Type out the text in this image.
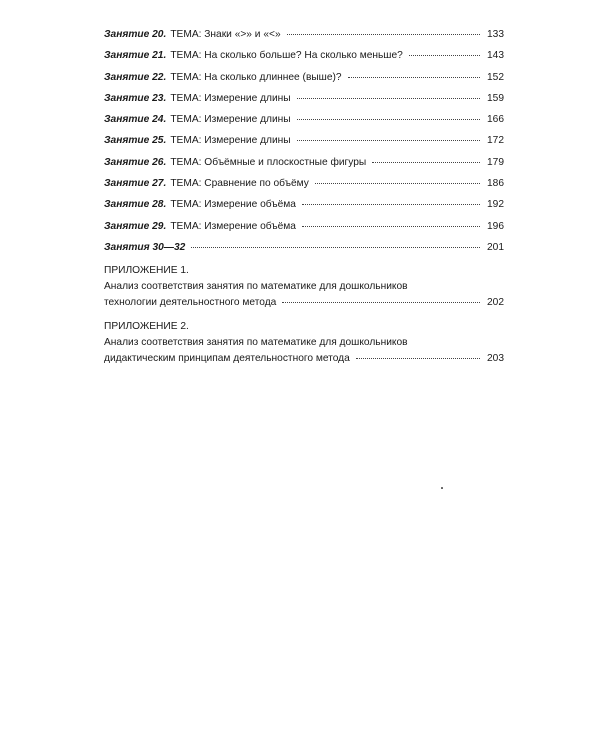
Занятие 20. ТЕМА: Знаки «>» и «<»	133
Занятие 21. ТЕМА: На сколько больше? На сколько меньше?	143
Занятие 22. ТЕМА: На сколько длиннее (выше)?	152
Занятие 23. ТЕМА: Измерение длины	159
Занятие 24. ТЕМА: Измерение длины	166
Занятие 25. ТЕМА: Измерение длины	172
Занятие 26. ТЕМА: Объёмные и плоскостные фигуры	179
Занятие 27. ТЕМА: Сравнение по объёму	186
Занятие 28. ТЕМА: Измерение объёма	192
Занятие 29. ТЕМА: Измерение объёма	196
Занятия 30—32	201
ПРИЛОЖЕНИЕ 1.
Анализ соответствия занятия по математике для дошкольников
технологии деятельностного метода	202
ПРИЛОЖЕНИЕ 2.
Анализ соответствия занятия по математике для дошкольников
дидактическим принципам деятельностного метода	203
